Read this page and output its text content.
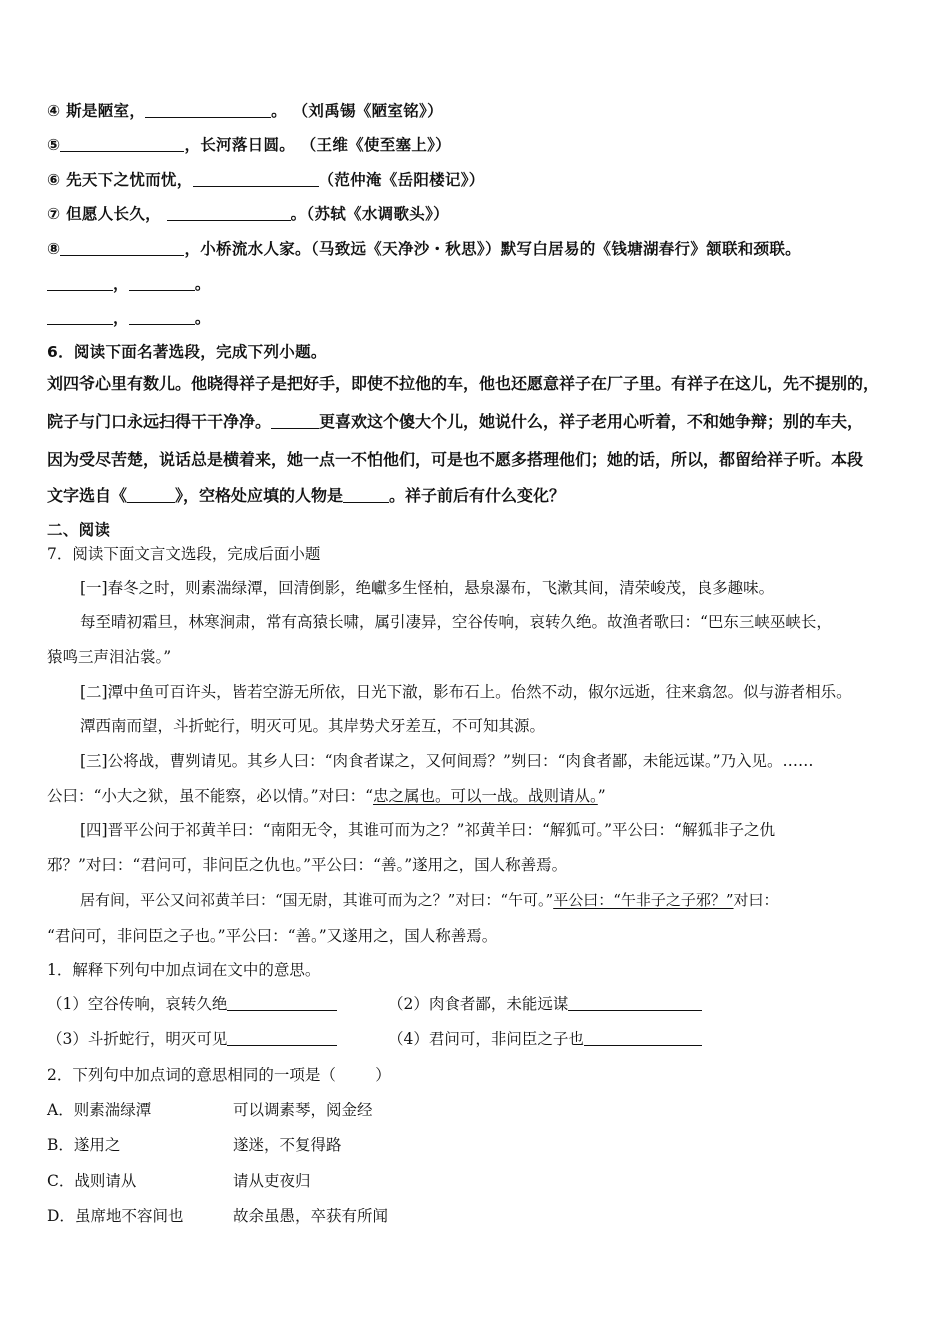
④ 斯是陋室，	。 （刘禹锡《陋室铭》）
⑤	，长河落日圆。 （王维《使至塞上》）
⑥ 先天下之忧而忧，	（范仲淹《岳阳楼记》）
⑦ 但愿人长久，	。（苏轼《水调歌头》）
⑧	，小桥流水人家。（马致远《天净沙・秋思》）默写白居易的《钱塘湖春行》颔联和颈联。
，	。
，	。
6．阅读下面名著选段，完成下列小题。
刘四爷心里有数儿。他晓得祥子是把好手，即使不拉他的车，他也还愿意祥子在厂子里。有祥子在这儿，先不提别的，
院子与门口永远扫得干干净净。	更喜欢这个傻大个儿，她说什么，祥子老用心听着，不和她争辩；别的车夫，
因为受尽苦楚，说话总是横着来，她一点一不怕他们，可是也不愿多搭理他们；她的话，所以，都留给祥子听。本段
文字选自《	》，空格处应填的人物是	。祥子前后有什么变化？
二、阅读
7．阅读下面文言文选段，完成后面小题
[一]春冬之时，则素湍绿潭，回清倒影，绝巘多生怪柏，悬泉瀑布，飞漱其间，清荣峻茂，良多趣味。
每至晴初霜旦，林寒涧肃，常有高猿长啸，属引凄异，空谷传响，哀转久绝。故渔者歌曰：“巴东三峡巫峡长，
猿鸣三声泪沾裳。”
[二]潭中鱼可百许头，皆若空游无所依，日光下澈，影布石上。佁然不动，俶尔远逝，往来翕忽。似与游者相乐。
潭西南而望，斗折蛇行，明灭可见。其岸势犬牙差互，不可知其源。
[三]公将战，曹刿请见。其乡人曰：“肉食者谋之，又何间焉？”刿曰：“肉食者鄙，未能远谋。”乃入见。……
公曰：“小大之狱，虽不能察，必以情。”对曰：“忠之属也。可以一战。战则请从。”
[四]晋平公问于祁黄羊曰：“南阳无令，其谁可而为之？”祁黄羊曰：“解狐可。”平公曰：“解狐非子之仇
邪？”对曰：“君问可，非问臣之仇也。”平公曰：“善。”遂用之，国人称善焉。
居有间，平公又问祁黄羊曰：“国无尉，其谁可而为之？”对曰：“午可。”平公曰：“午非子之子邪？”对曰：
“君问可，非问臣之子也。”平公曰：“善。”又遂用之，国人称善焉。
1．解释下列句中加点词在文中的意思。
（1）空谷传响，哀转久绝	（2）肉食者鄙，未能远谋
（3）斗折蛇行，明灭可见	（4）君问可，非问臣之子也
2．下列句中加点词的意思相同的一项是（        ）
A．则素湍绿潭	可以调素琴，阅金经
B．遂用之	遂迷，不复得路
C．战则请从	请从吏夜归
D．虽席地不容间也	故余虽愚，卒获有所闻
